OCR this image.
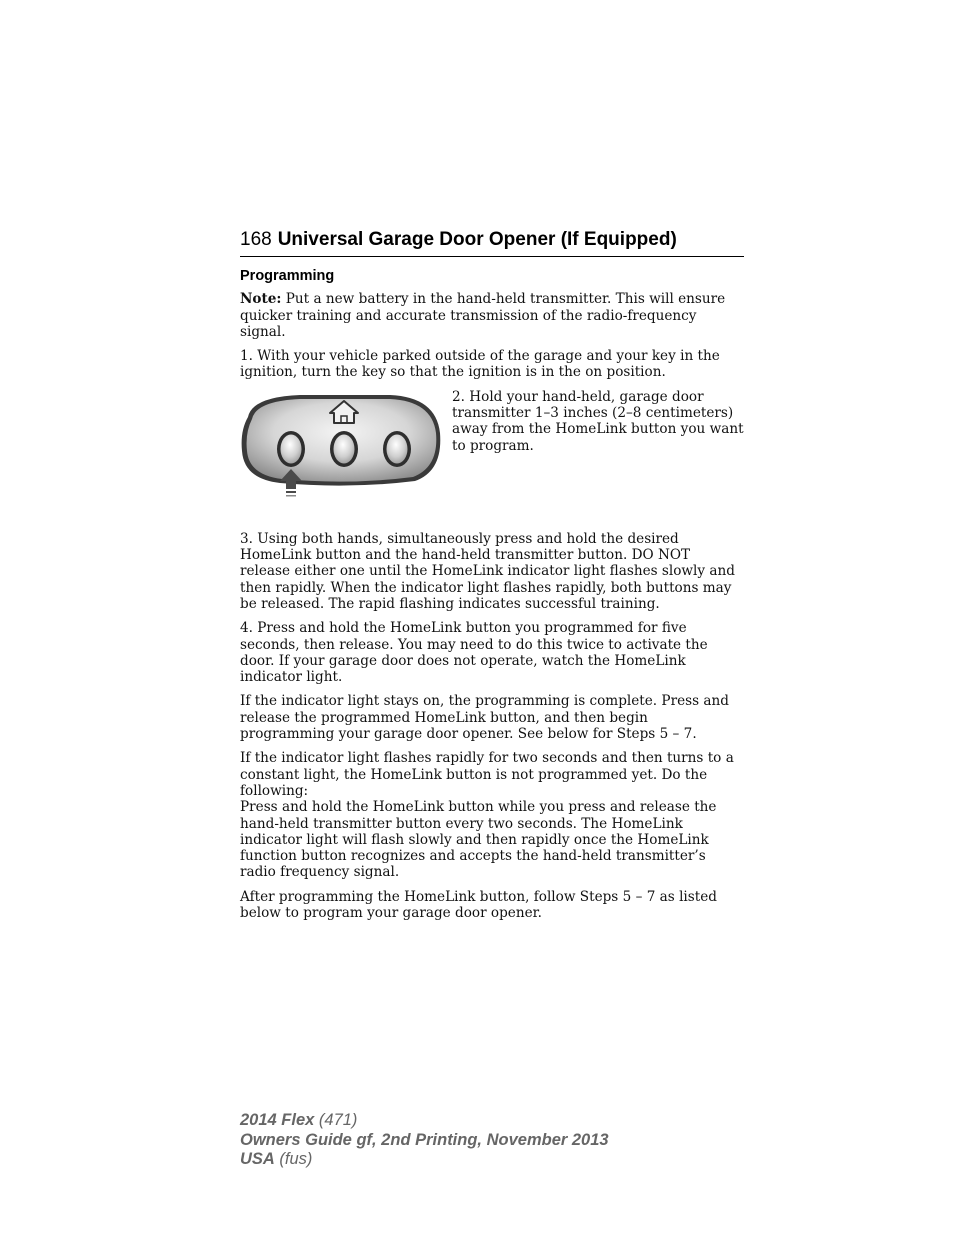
168 Universal Garage Door Opener (If Equipped)
Programming

Note: Put a new battery in the hand-held transmitter. This will ensure quicker training and accurate transmission of the radio-frequency signal.

1. With your vehicle parked outside of the garage and your key in the ignition, turn the key so that the ignition is in the on position.

2. Hold your hand-held, garage door transmitter 1–3 inches (2–8 centimeters) away from the HomeLink button you want to program.

3. Using both hands, simultaneously press and hold the desired HomeLink button and the hand-held transmitter button. DO NOT release either one until the HomeLink indicator light flashes slowly and then rapidly. When the indicator light flashes rapidly, both buttons may be released. The rapid flashing indicates successful training.

4. Press and hold the HomeLink button you programmed for five seconds, then release. You may need to do this twice to activate the door. If your garage door does not operate, watch the HomeLink indicator light.

If the indicator light stays on, the programming is complete. Press and release the programmed HomeLink button, and then begin programming your garage door opener. See below for Steps 5 – 7.

If the indicator light flashes rapidly for two seconds and then turns to a constant light, the HomeLink button is not programmed yet. Do the following:

Press and hold the HomeLink button while you press and release the hand-held transmitter button every two seconds. The HomeLink indicator light will flash slowly and then rapidly once the HomeLink function button recognizes and accepts the hand-held transmitter’s radio frequency signal.

After programming the HomeLink button, follow Steps 5 – 7 as listed below to program your garage door opener.

2014 Flex (471)
Owners Guide gf, 2nd Printing, November 2013
USA (fus)
